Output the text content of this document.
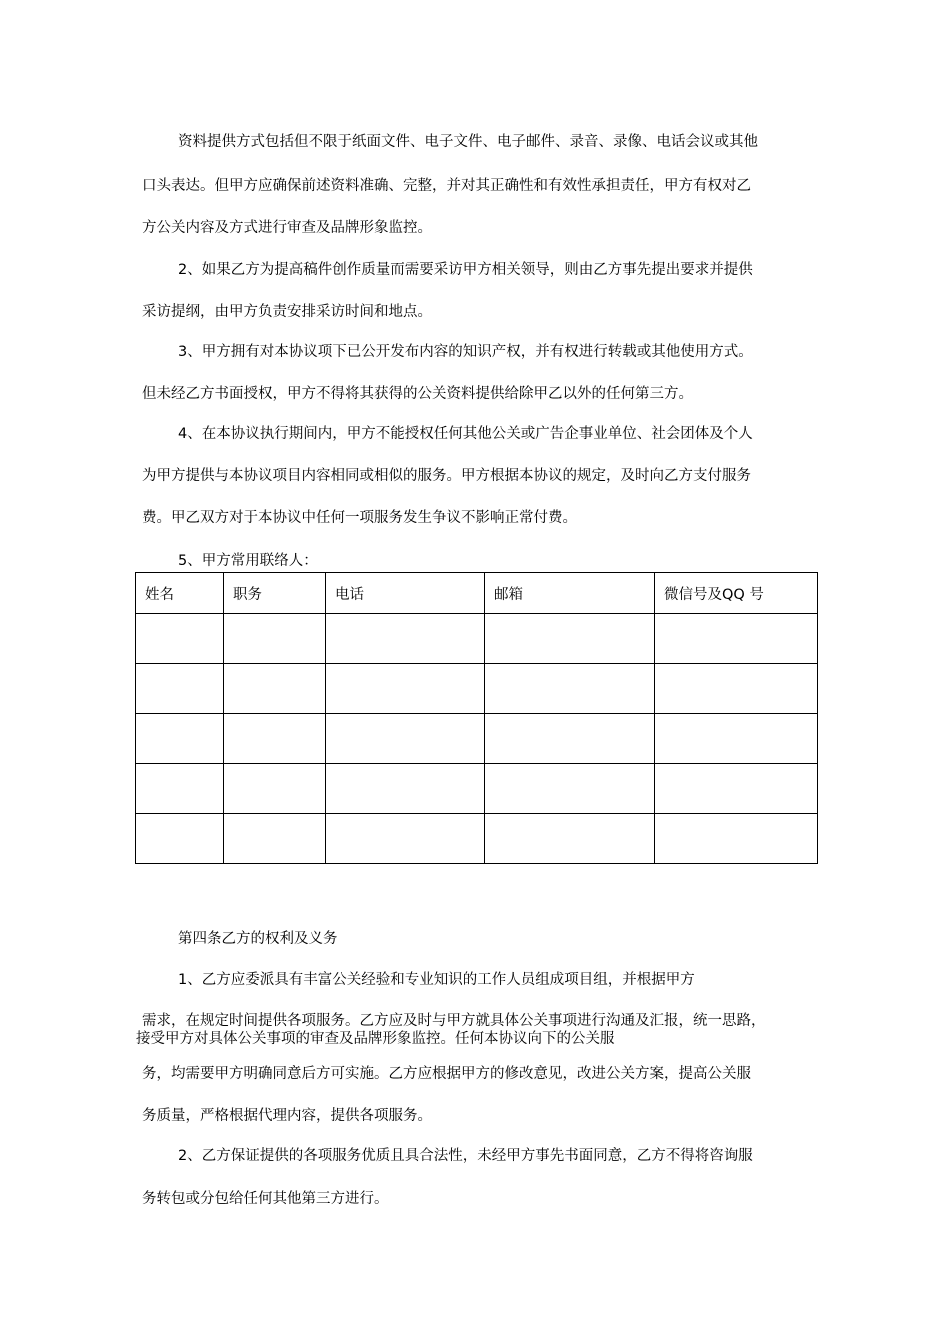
资料提供方式包括但不限于纸面文件、电子文件、电子邮件、录音、录像、电话会议或其他
口头表达。但甲方应确保前述资料准确、完整，并对其正确性和有效性承担责任，甲方有权对乙
方公关内容及方式进行审查及品牌形象监控。
2、如果乙方为提高稿件创作质量而需要采访甲方相关领导，则由乙方事先提出要求并提供
采访提纲，由甲方负责安排采访时间和地点。
3、甲方拥有对本协议项下已公开发布内容的知识产权，并有权进行转载或其他使用方式。
但未经乙方书面授权，甲方不得将其获得的公关资料提供给除甲乙以外的任何第三方。
4、在本协议执行期间内，甲方不能授权任何其他公关或广告企事业单位、社会团体及个人
为甲方提供与本协议项目内容相同或相似的服务。甲方根据本协议的规定，及时向乙方支付服务
费。甲乙双方对于本协议中任何一项服务发生争议不影响正常付费。
5、甲方常用联络人：
姓名	职务	电话	邮箱	微信号及QQ 号

第四条乙方的权利及义务
1、乙方应委派具有丰富公关经验和专业知识的工作人员组成项目组，并根据甲方
需求，在规定时间提供各项服务。乙方应及时与甲方就具体公关事项进行沟通及汇报，统一思路，
接受甲方对具体公关事项的审查及品牌形象监控。任何本协议向下的公关服
务，均需要甲方明确同意后方可实施。乙方应根据甲方的修改意见，改进公关方案，提高公关服
务质量，严格根据代理内容，提供各项服务。
2、乙方保证提供的各项服务优质且具合法性，未经甲方事先书面同意，乙方不得将咨询服
务转包或分包给任何其他第三方进行。
